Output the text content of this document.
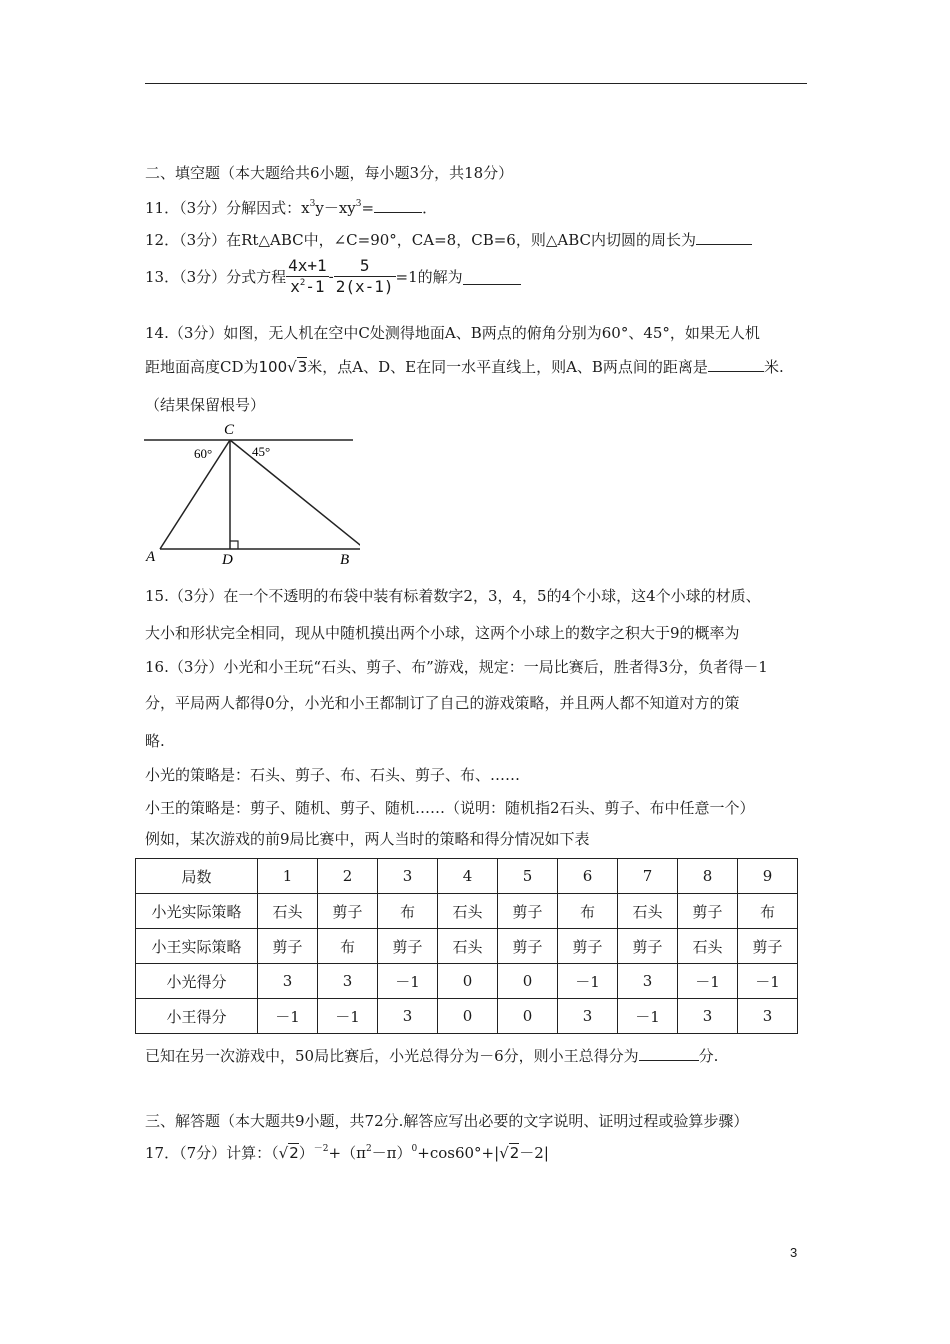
二、填空题（本大题给共6小题，每小题3分，共18分）
11．（3分）分解因式：$x^3y-xy^3=$	．
12．（3分）在Rt△ABC中，∠C=90°，CA=8，CB=6，则△ABC内切圆的周长为
13．（3分）分式方程 $\frac{4x+1}{x^2-1} - \frac{5}{2(x-1)} =1$的解为
14.（3分）如图，无人机在空中C处测得地面A、B两点的俯角分别为60°、45°，如果无人机
距地面高度CD为100√3米，点A、D、E在同一水平直线上，则A、B两点间的距离是	米.
（结果保留根号）
C
60°	45°
A	D	B
15.（3分）在一个不透明的布袋中装有标着数字2，3，4，5的4个小球，这4个小球的材质、
大小和形状完全相同，现从中随机摸出两个小球，这两个小球上的数字之积大于9的概率为
16.（3分）小光和小王玩“石头、剪子、布”游戏，规定：一局比赛后，胜者得3分，负者得－1
分，平局两人都得0分，小光和小王都制订了自己的游戏策略，并且两人都不知道对方的策
略.
小光的策略是：石头、剪子、布、石头、剪子、布、……
小王的策略是：剪子、随机、剪子、随机……（说明：随机指2石头、剪子、布中任意一个）
例如，某次游戏的前9局比赛中，两人当时的策略和得分情况如下表
局数	1	2	3	4	5	6	7	8	9
小光实际策略	石头	剪子	布	石头	剪子	布	石头	剪子	布
小王实际策略	剪子	布	剪子	石头	剪子	剪子	剪子	石头	剪子
小光得分	3	3	－1	0	0	－1	3	－1	－1
小王得分	－1	－1	3	0	0	3	－1	3	3
已知在另一次游戏中，50局比赛后，小光总得分为－6分，则小王总得分为	分.
三、解答题（本大题共9小题，共72分.解答应写出必要的文字说明、证明过程或验算步骤）
17．（7分）计算：$(√2)^{-2}+(\pi^2-\pi)^0+\cos 60^\circ+|√2-2|$
3
